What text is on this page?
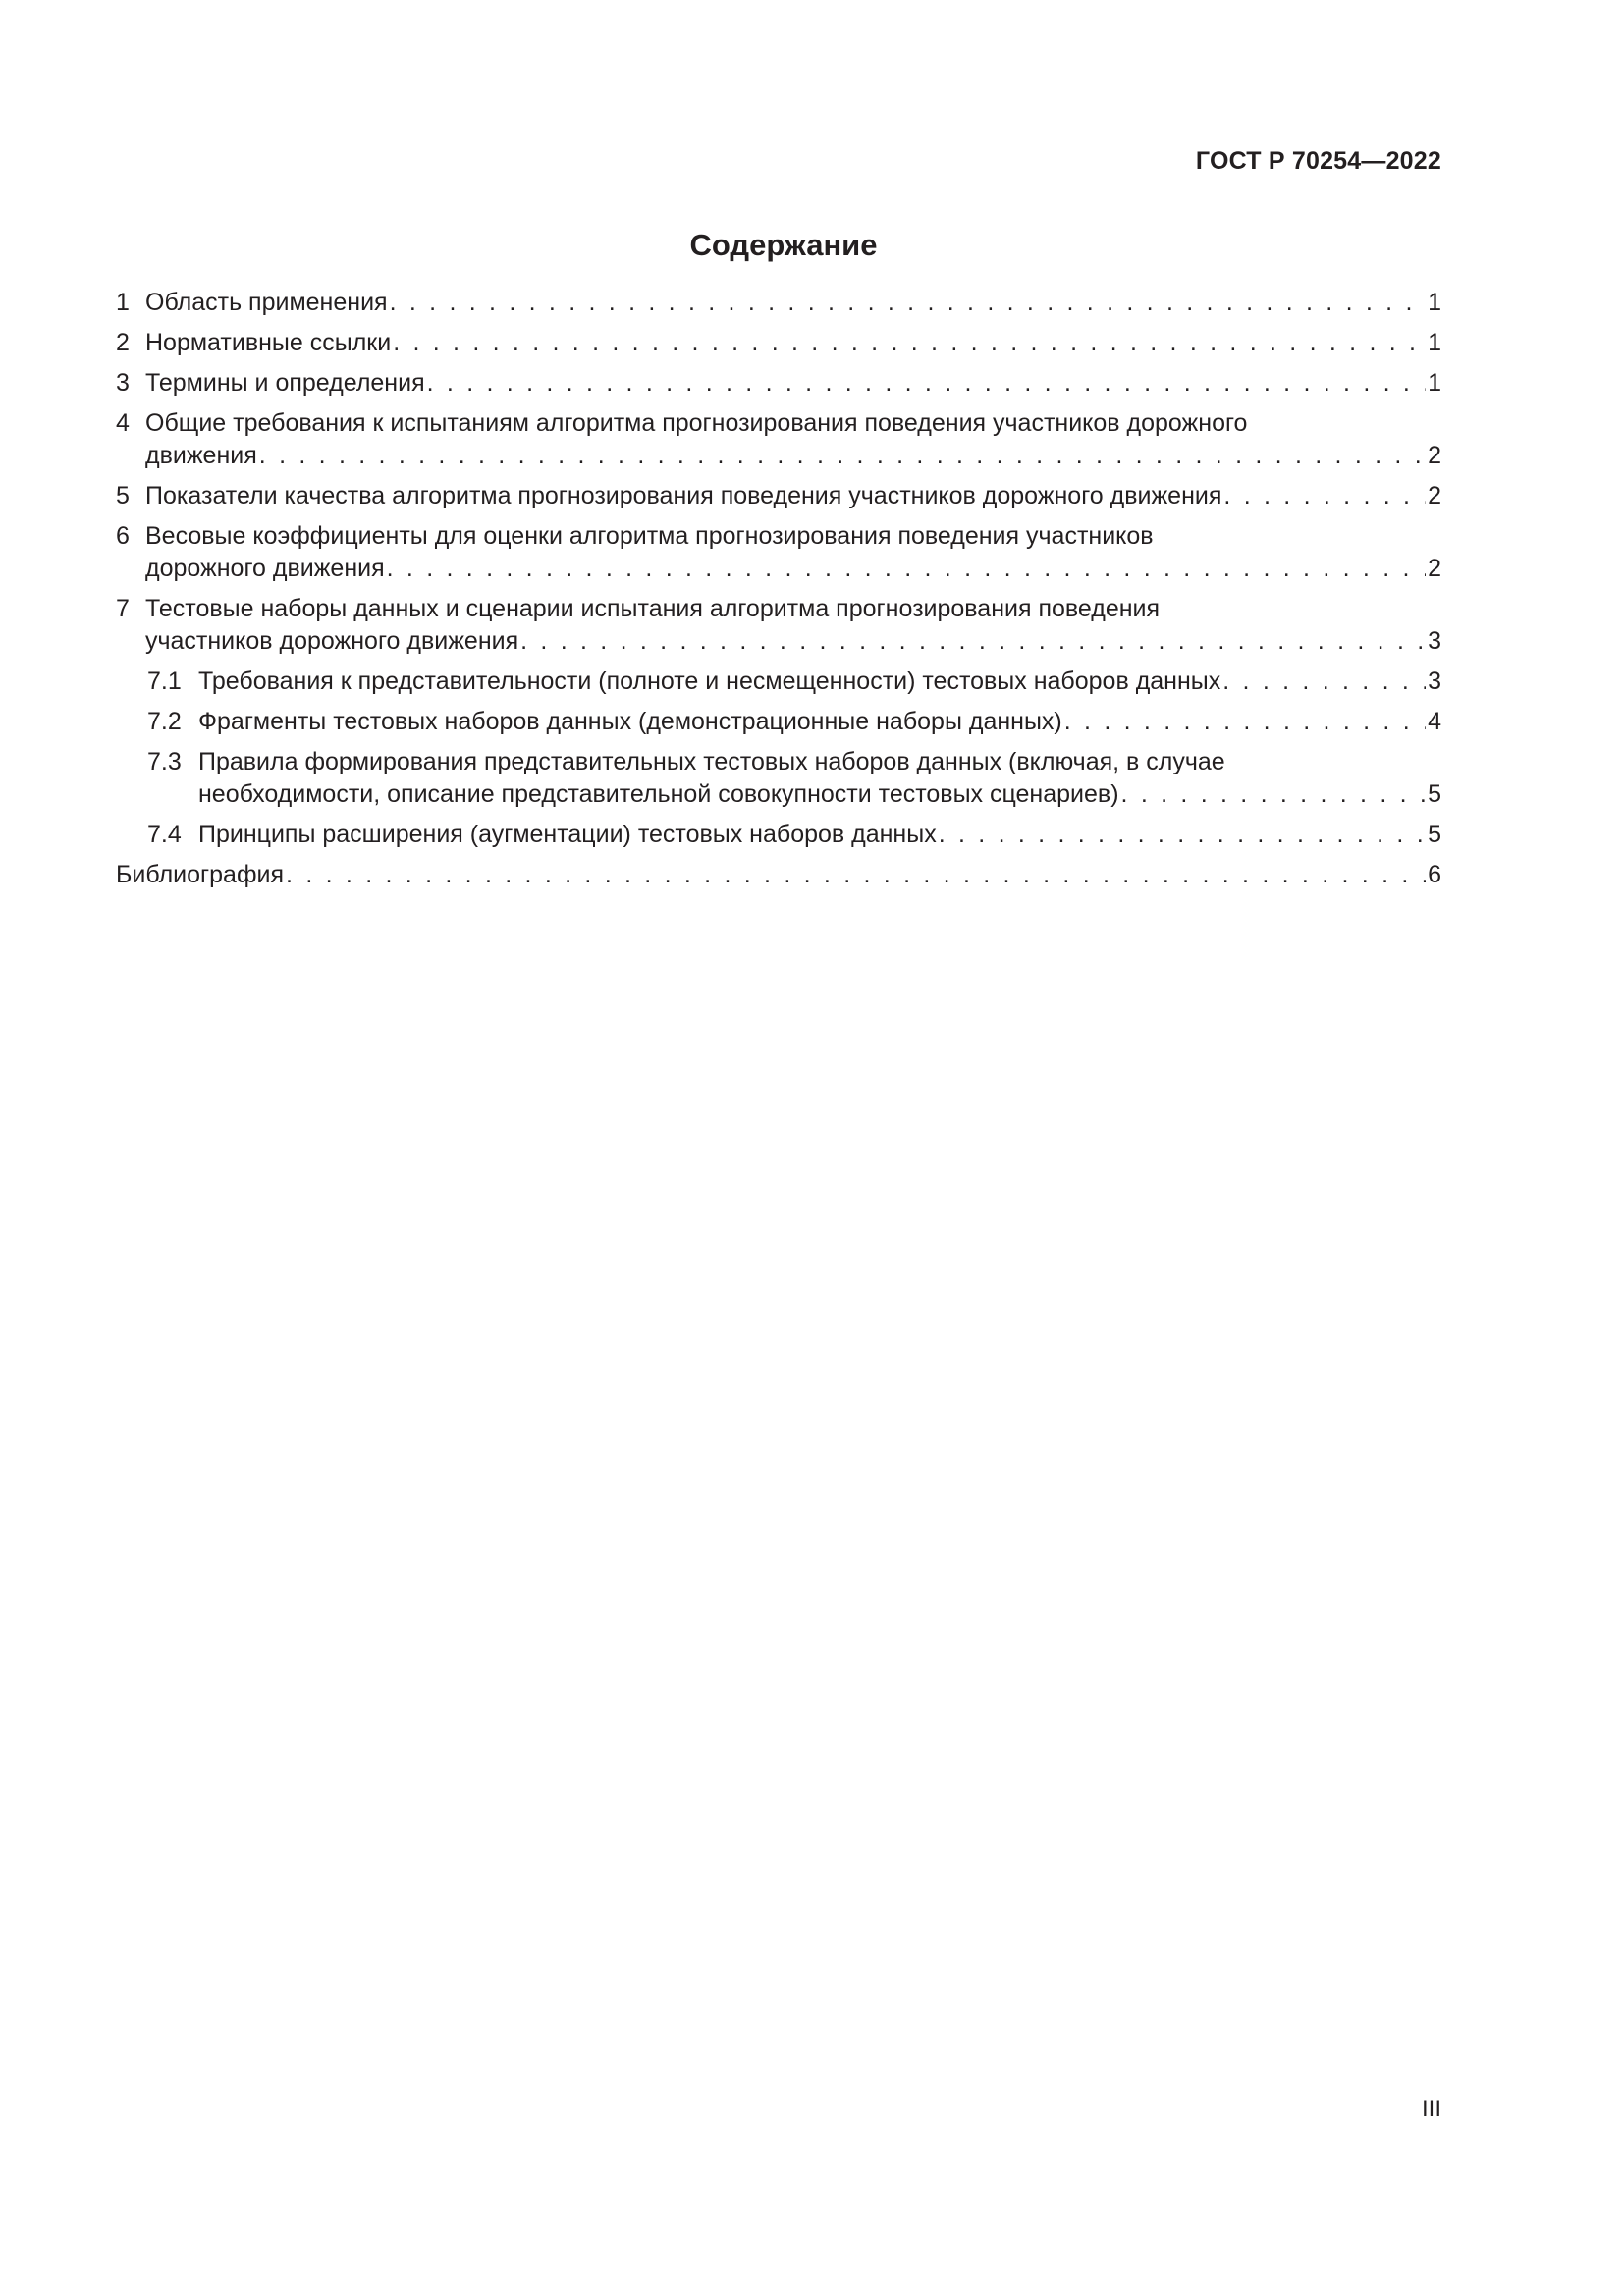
ГОСТ Р 70254—2022
Содержание
1 Область применения . . .	1
2 Нормативные ссылки . . .	1
3 Термины и определения . . .	1
4 Общие требования к испытаниям алгоритма прогнозирования поведения участников дорожного
движения . . .	2
5 Показатели качества алгоритма прогнозирования поведения участников дорожного движения . . .	2
6 Весовые коэффициенты для оценки алгоритма прогнозирования поведения участников
дорожного движения . . .	2
7 Тестовые наборы данных и сценарии испытания алгоритма прогнозирования поведения
участников дорожного движения . . .	3
7.1 Требования к представительности (полноте и несмещенности) тестовых наборов данных . . .	3
7.2 Фрагменты тестовых наборов данных (демонстрационные наборы данных) . . .	4
7.3 Правила формирования представительных тестовых наборов данных (включая, в случае
необходимости, описание представительной совокупности тестовых сценариев) . . .	5
7.4 Принципы расширения (аугментации) тестовых наборов данных . . .	5
Библиография . . .	6
III
